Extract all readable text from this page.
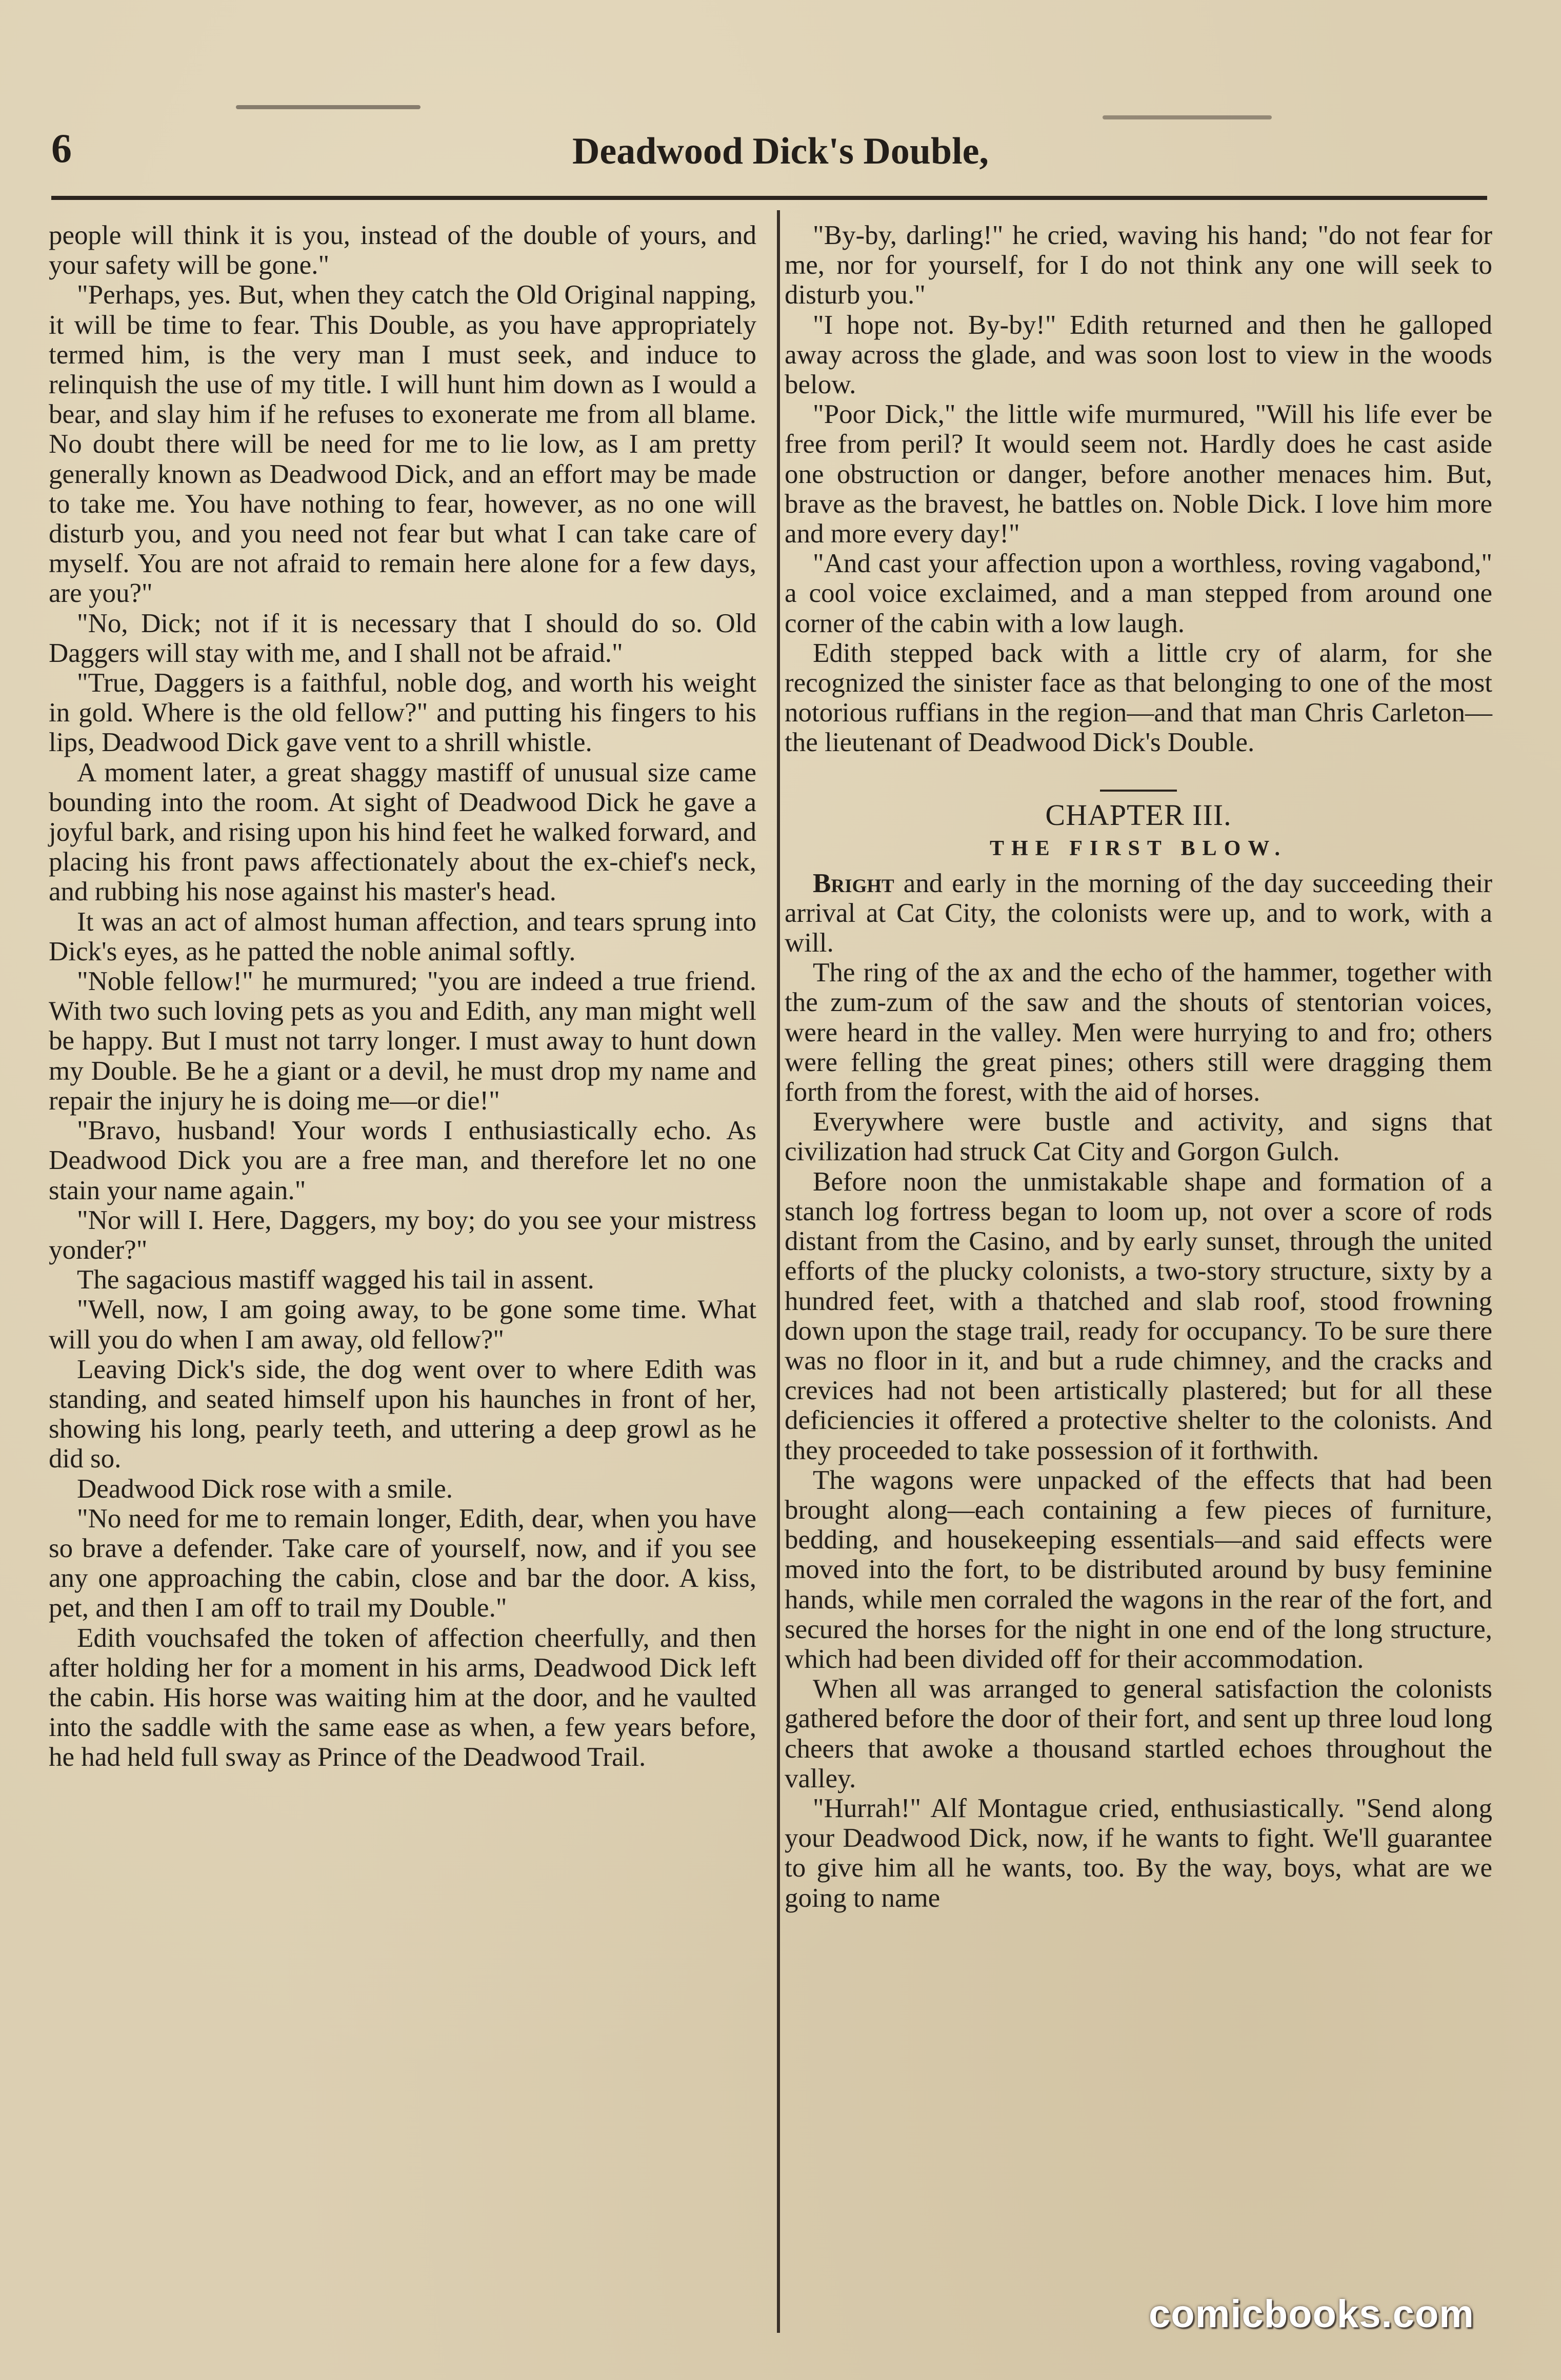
6	Deadwood Dick's Double,

people will think it is you, instead of the double of yours, and your safety will be gone."

"Perhaps, yes. But, when they catch the Old Original napping, it will be time to fear. This Double, as you have appropriately termed him, is the very man I must seek, and induce to relinquish the use of my title. I will hunt him down as I would a bear, and slay him if he refuses to exonerate me from all blame. No doubt there will be need for me to lie low, as I am pretty generally known as Deadwood Dick, and an effort may be made to take me. You have nothing to fear, however, as no one will disturb you, and you need not fear but what I can take care of myself. You are not afraid to remain here alone for a few days, are you?"

"No, Dick; not if it is necessary that I should do so. Old Daggers will stay with me, and I shall not be afraid."

"True, Daggers is a faithful, noble dog, and worth his weight in gold. Where is the old fellow?" and putting his fingers to his lips, Deadwood Dick gave vent to a shrill whistle.

A moment later, a great shaggy mastiff of unusual size came bounding into the room. At sight of Deadwood Dick he gave a joyful bark, and rising upon his hind feet he walked forward, and placing his front paws affectionately about the ex-chief's neck, and rubbing his nose against his master's head.

It was an act of almost human affection, and tears sprung into Dick's eyes, as he patted the noble animal softly.

"Noble fellow!" he murmured; "you are indeed a true friend. With two such loving pets as you and Edith, any man might well be happy. But I must not tarry longer. I must away to hunt down my Double. Be he a giant or a devil, he must drop my name and repair the injury he is doing me—or die!"

"Bravo, husband! Your words I enthusiastically echo. As Deadwood Dick you are a free man, and therefore let no one stain your name again."

"Nor will I. Here, Daggers, my boy; do you see your mistress yonder?"

The sagacious mastiff wagged his tail in assent.

"Well, now, I am going away, to be gone some time. What will you do when I am away, old fellow?"

Leaving Dick's side, the dog went over to where Edith was standing, and seated himself upon his haunches in front of her, showing his long, pearly teeth, and uttering a deep growl as he did so.

Deadwood Dick rose with a smile.

"No need for me to remain longer, Edith, dear, when you have so brave a defender. Take care of yourself, now, and if you see any one approaching the cabin, close and bar the door. A kiss, pet, and then I am off to trail my Double."

Edith vouchsafed the token of affection cheerfully, and then after holding her for a moment in his arms, Deadwood Dick left the cabin. His horse was waiting him at the door, and he vaulted into the saddle with the same ease as when, a few years before, he had held full sway as Prince of the Deadwood Trail.

"By-by, darling!" he cried, waving his hand; "do not fear for me, nor for yourself, for I do not think any one will seek to disturb you."

"I hope not. By-by!" Edith returned and then he galloped away across the glade, and was soon lost to view in the woods below.

"Poor Dick," the little wife murmured, "Will his life ever be free from peril? It would seem not. Hardly does he cast aside one obstruction or danger, before another menaces him. But, brave as the bravest, he battles on. Noble Dick. I love him more and more every day!"

"And cast your affection upon a worthless, roving vagabond," a cool voice exclaimed, and a man stepped from around one corner of the cabin with a low laugh.

Edith stepped back with a little cry of alarm, for she recognized the sinister face as that belonging to one of the most notorious ruffians in the region—and that man Chris Carleton—the lieutenant of Deadwood Dick's Double.

CHAPTER III.
THE FIRST BLOW.

Bright and early in the morning of the day succeeding their arrival at Cat City, the colonists were up, and to work, with a will.

The ring of the ax and the echo of the hammer, together with the zum-zum of the saw and the shouts of stentorian voices, were heard in the valley. Men were hurrying to and fro; others were felling the great pines; others still were dragging them forth from the forest, with the aid of horses.

Everywhere were bustle and activity, and signs that civilization had struck Cat City and Gorgon Gulch.

Before noon the unmistakable shape and formation of a stanch log fortress began to loom up, not over a score of rods distant from the Casino, and by early sunset, through the united efforts of the plucky colonists, a two-story structure, sixty by a hundred feet, with a thatched and slab roof, stood frowning down upon the stage trail, ready for occupancy. To be sure there was no floor in it, and but a rude chimney, and the cracks and crevices had not been artistically plastered; but for all these deficiencies it offered a protective shelter to the colonists. And they proceeded to take possession of it forthwith.

The wagons were unpacked of the effects that had been brought along—each containing a few pieces of furniture, bedding, and housekeeping essentials—and said effects were moved into the fort, to be distributed around by busy feminine hands, while men corraled the wagons in the rear of the fort, and secured the horses for the night in one end of the long structure, which had been divided off for their accommodation.

When all was arranged to general satisfaction the colonists gathered before the door of their fort, and sent up three loud long cheers that awoke a thousand startled echoes throughout the valley.

"Hurrah!" Alf Montague cried, enthusiastically. "Send along your Deadwood Dick, now, if he wants to fight. We'll guarantee to give him all he wants, too. By the way, boys, what are we going to name

comicbooks.com
